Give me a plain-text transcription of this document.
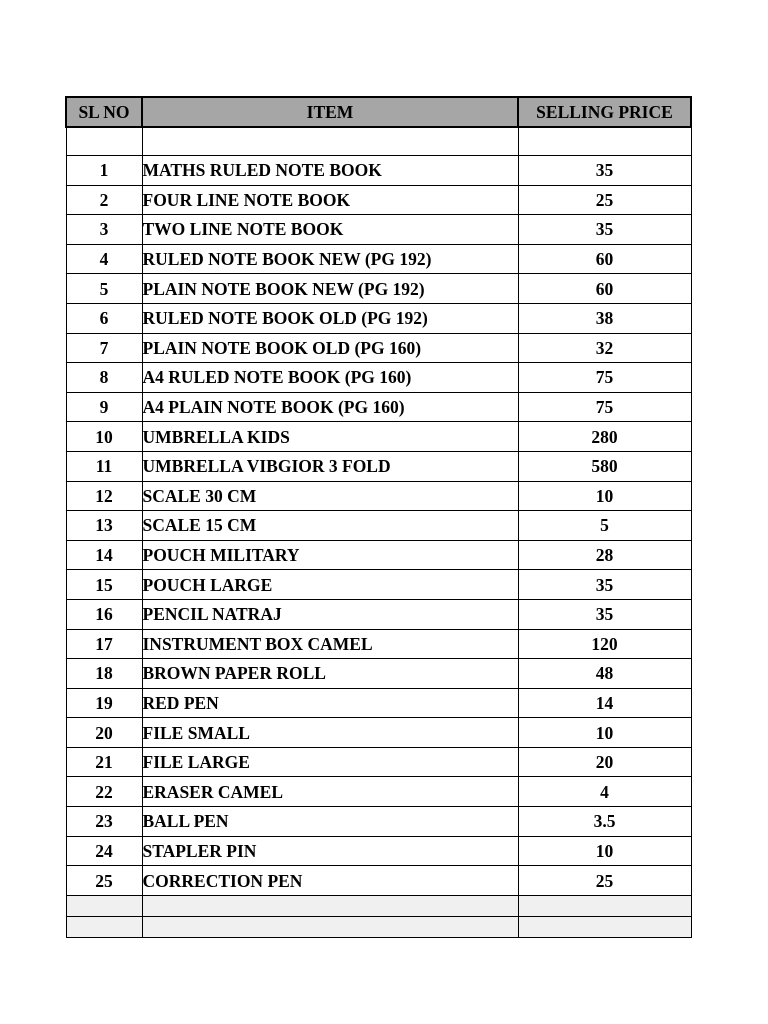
SL NO	ITEM	SELLING PRICE

1	MATHS RULED NOTE BOOK	35
2	FOUR LINE NOTE BOOK	25
3	TWO LINE NOTE BOOK	35
4	RULED NOTE BOOK NEW (PG 192)	60
5	PLAIN NOTE BOOK NEW (PG 192)	60
6	RULED NOTE BOOK OLD (PG 192)	38
7	PLAIN NOTE BOOK OLD (PG 160)	32
8	A4 RULED NOTE BOOK (PG 160)	75
9	A4 PLAIN NOTE BOOK (PG 160)	75
10	UMBRELLA KIDS	280
11	UMBRELLA VIBGIOR 3 FOLD	580
12	SCALE 30 CM	10
13	SCALE 15 CM	5
14	POUCH MILITARY	28
15	POUCH LARGE	35
16	PENCIL NATRAJ	35
17	INSTRUMENT BOX CAMEL	120
18	BROWN PAPER ROLL	48
19	RED PEN	14
20	FILE SMALL	10
21	FILE LARGE	20
22	ERASER CAMEL	4
23	BALL PEN	3.5
24	STAPLER PIN	10
25	CORRECTION PEN	25
